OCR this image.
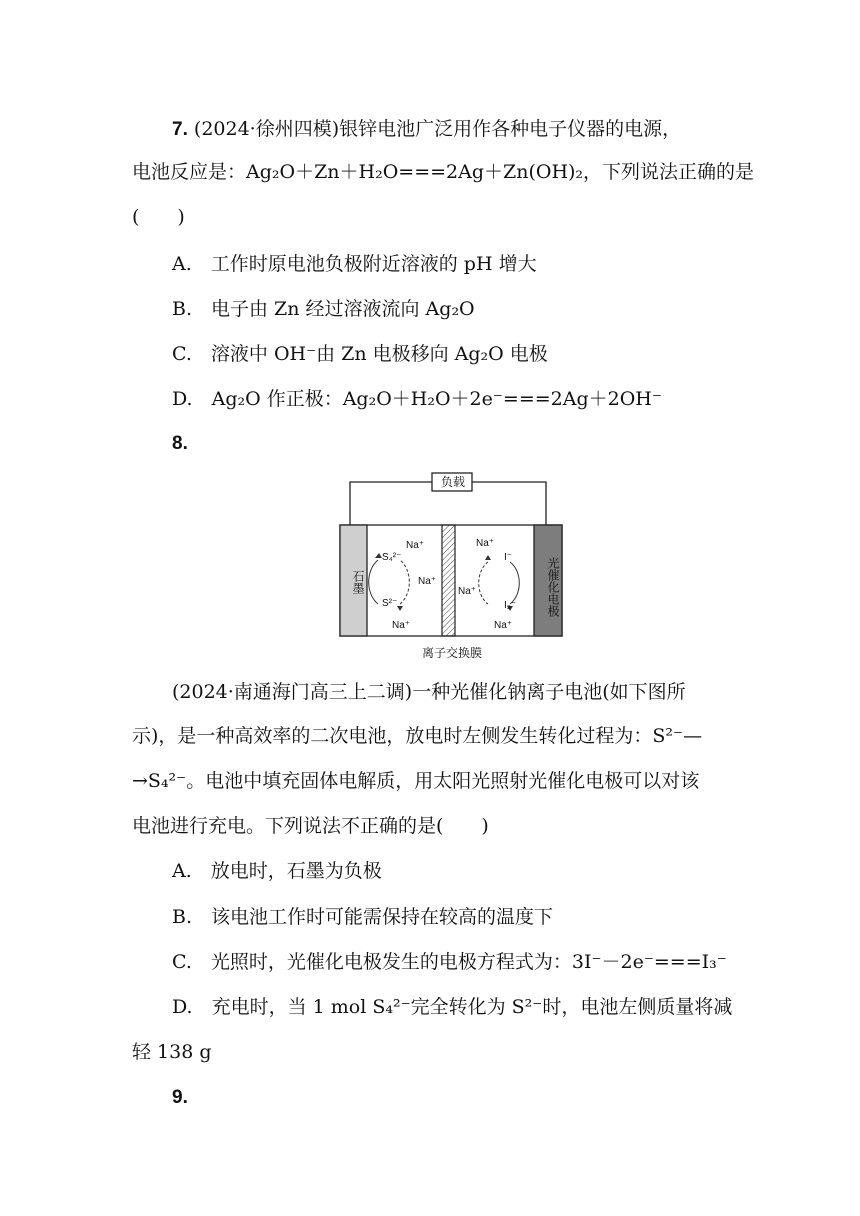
7. (2024·徐州四模)银锌电池广泛用作各种电子仪器的电源，
电池反应是：Ag₂O＋Zn＋H₂O===2Ag＋Zn(OH)₂，下列说法正确的是
(　　)
A.　工作时原电池负极附近溶液的 pH 增大
B.　电子由 Zn 经过溶液流向 Ag₂O
C.　溶液中 OH⁻由 Zn 电极移向 Ag₂O 电极
D.　Ag₂O 作正极：Ag₂O＋H₂O＋2e⁻===2Ag＋2OH⁻
8.
负载
石墨	光催化电极
Na⁺
Na⁺
Na⁺
S₄²⁻
S²⁻
Na⁺
Na⁺
Na⁺
I⁻
I₃⁻
离子交换膜
(2024·南通海门高三上二调)一种光催化钠离子电池(如下图所
示)，是一种高效率的二次电池，放电时左侧发生转化过程为：S²⁻—
→S₄²⁻。电池中填充固体电解质，用太阳光照射光催化电极可以对该
电池进行充电。下列说法不正确的是(　　)
A.　放电时，石墨为负极
B.　该电池工作时可能需保持在较高的温度下
C.　光照时，光催化电极发生的电极方程式为：3I⁻－2e⁻===I₃⁻
D.　充电时，当 1 mol S₄²⁻完全转化为 S²⁻时，电池左侧质量将减
轻 138 g
9.
